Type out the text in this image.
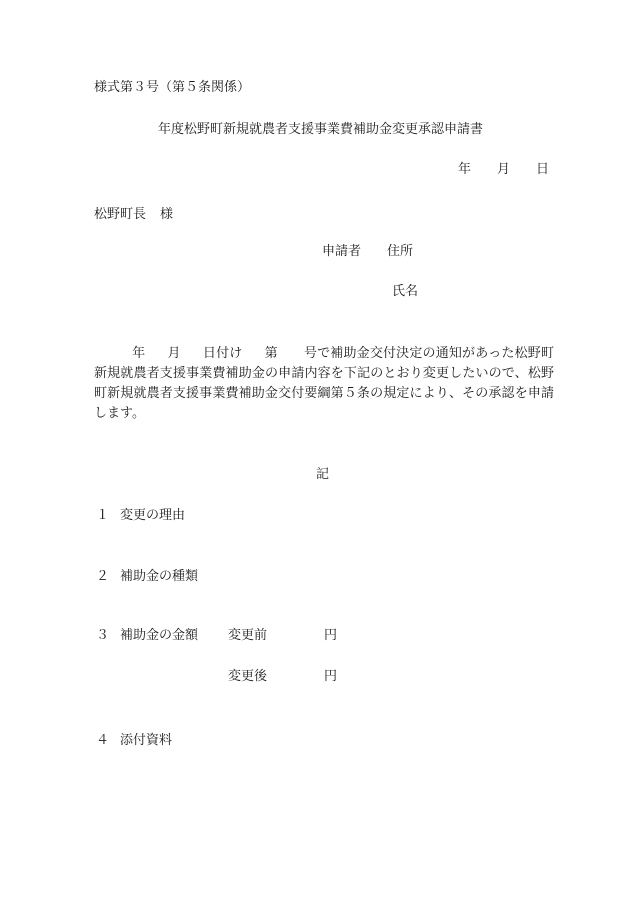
様式第３号（第５条関係）
年度松野町新規就農者支援事業費補助金変更承認申請書
年 月 日
松野町長 様
申請者 住所
氏名
年 月 日付け 第 号で補助金交付決定の通知があった松野町新規就農者支援事業費補助金の申請内容を下記のとおり変更したいので、松野町新規就農者支援事業費補助金交付要綱第５条の規定により、その承認を申請します。
記
１ 変更の理由
２ 補助金の種類
３ 補助金の金額 変更前	円
変更後	円
４ 添付資料
